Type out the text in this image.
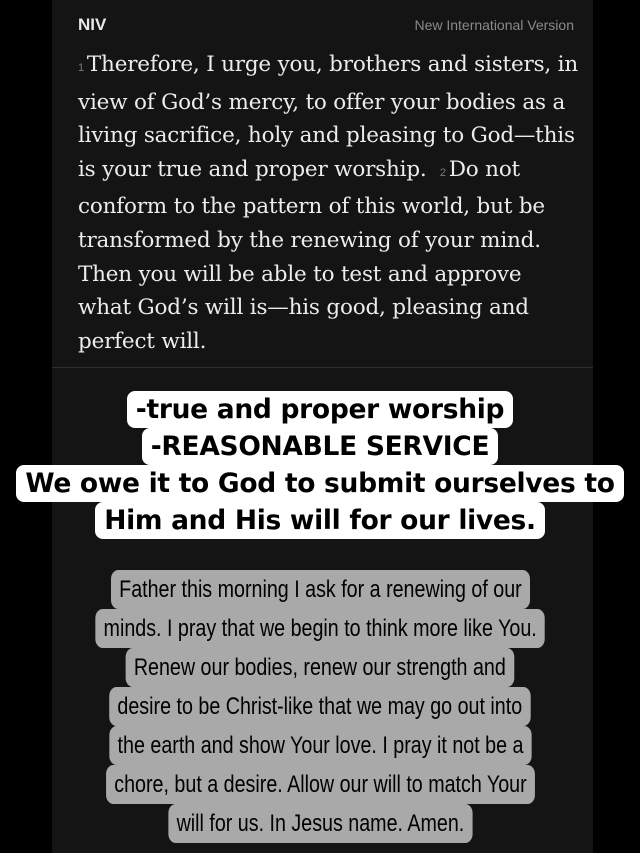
NIV	New International Version
1 Therefore, I urge you, brothers and sisters, in view of God’s mercy, to offer your bodies as a living sacrifice, holy and pleasing to God—this is your true and proper worship. 2 Do not conform to the pattern of this world, but be transformed by the renewing of your mind. Then you will be able to test and approve what God’s will is—his good, pleasing and perfect will.
-true and proper worship
-REASONABLE SERVICE
We owe it to God to submit ourselves to
Him and His will for our lives.
Father this morning I ask for a renewing of our
minds. I pray that we begin to think more like You.
Renew our bodies, renew our strength and
desire to be Christ-like that we may go out into
the earth and show Your love. I pray it not be a
chore, but a desire. Allow our will to match Your
will for us. In Jesus name. Amen.
